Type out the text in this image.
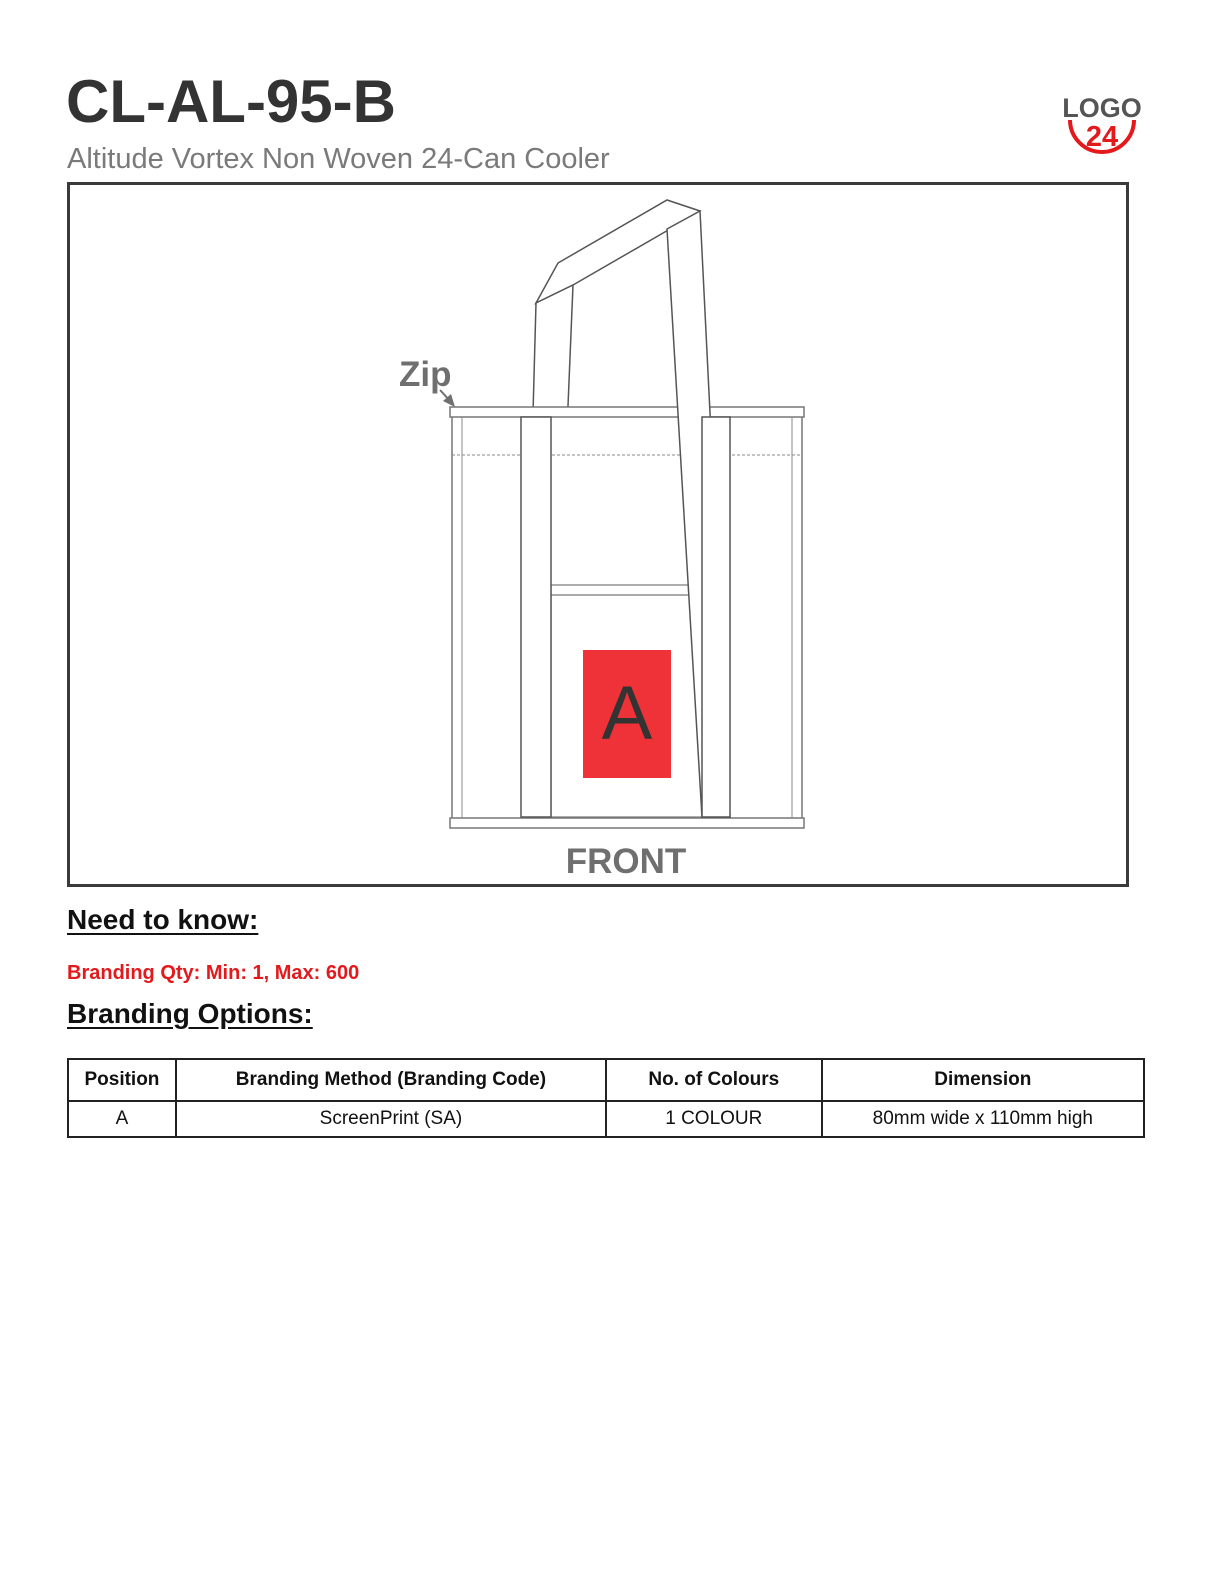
CL-AL-95-B
Altitude Vortex Non Woven 24-Can Cooler
LOGO
24
A
Zip
FRONT
Need to know:
Branding Qty: Min: 1, Max: 600
Branding Options:
Position	Branding Method (Branding Code)	No. of Colours	Dimension
A	ScreenPrint (SA)	1 COLOUR	80mm wide x 110mm high
